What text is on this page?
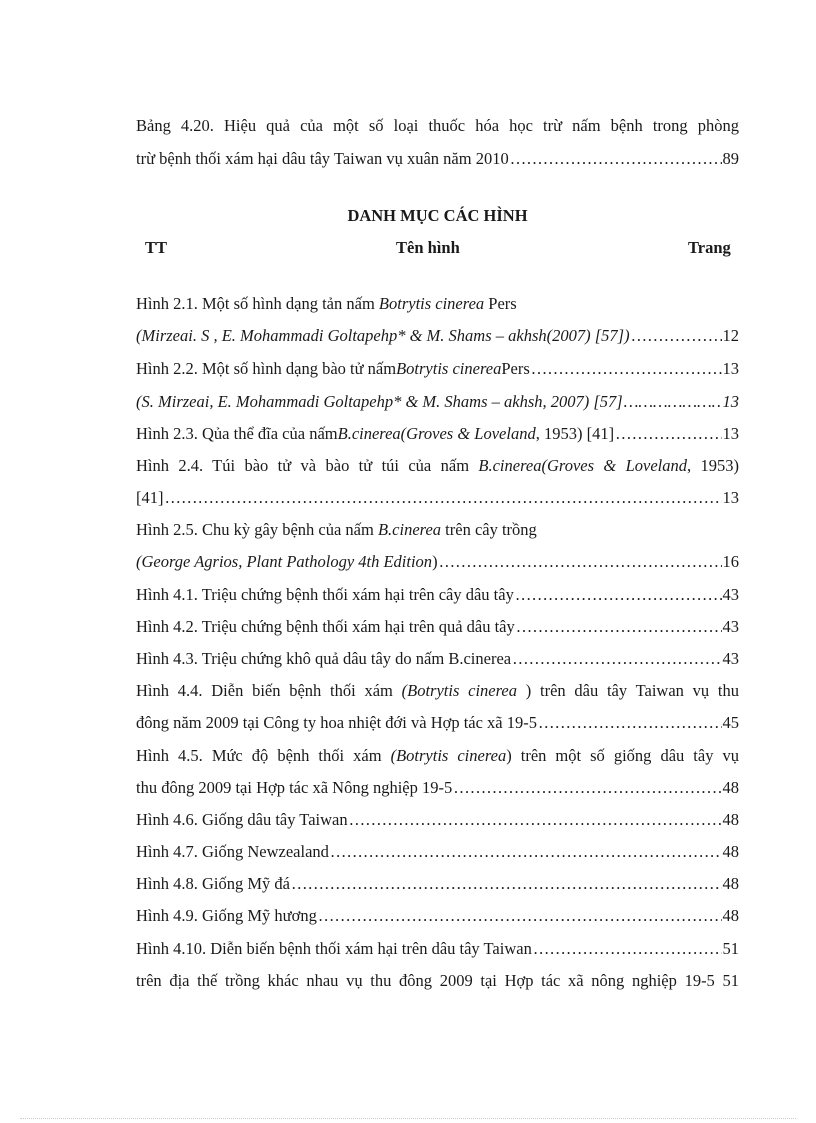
Bảng 4.20. Hiệu quả của một số loại thuốc hóa học trừ nấm bệnh trong phòng
trừ bệnh thối xám hại dâu tây Taiwan vụ xuân năm 2010 ……………………………………………………………………………………………………………………………………………………………………………………………………………………………………………………………………	89
DANH MỤC CÁC HÌNH
TT	Tên hình	Trang
Hình 2.1. Một số hình dạng tản nấm Botrytis cinerea Pers
(Mirzeai. S , E. Mohammadi Goltapehp* & M. Shams – akhsh(2007) [57]) ……………………………………………………………………………………………………………………………………………………………………………………………………………………………………………………………………	12
Hình 2.2. Một số hình dạng bào tử nấm Botrytis cinerea Pers ……………………………………………………………………………………………………………………………………………………………………………………………………………………………………………………………………	13
(S. Mirzeai, E. Mohammadi Goltapehp* & M. Shams – akhsh, 2007) [57] ……………………………………………………………………………………………………………………………………………………………………………………………………………………………………………………………………	13
Hình 2.3. Qủa thể đĩa của nấm B.cinerea(Groves & Loveland , 1953) [41] ……………………………………………………………………………………………………………………………………………………………………………………………………………………………………………………………………	13
Hình 2.4. Túi bào tử và bào tử túi của nấm B.cinerea(Groves & Loveland, 1953)
[41] ……………………………………………………………………………………………………………………………………………………………………………………………………………………………………………………………………	13
Hình 2.5. Chu kỳ gây bệnh của nấm B.cinerea trên cây trồng
(George Agrios, Plant Pathology 4th Edition ) ……………………………………………………………………………………………………………………………………………………………………………………………………………………………………………………………………	16
Hình 4.1. Triệu chứng bệnh thối xám hại trên cây dâu tây ……………………………………………………………………………………………………………………………………………………………………………………………………………………………………………………………………	43
Hình 4.2. Triệu chứng bệnh thối xám hại trên quả dâu tây ……………………………………………………………………………………………………………………………………………………………………………………………………………………………………………………………………	43
Hình 4.3. Triệu chứng khô quả dâu tây do nấm B.cinerea ……………………………………………………………………………………………………………………………………………………………………………………………………………………………………………………………………	43
Hình 4.4. Diễn biến bệnh thối xám (Botrytis cinerea ) trên dâu tây Taiwan vụ thu
đông năm 2009 tại Công ty hoa nhiệt đới và Hợp tác xã 19-5 ……………………………………………………………………………………………………………………………………………………………………………………………………………………………………………………………………	45
Hình 4.5. Mức độ bệnh thối xám (Botrytis cinerea) trên một số giống dâu tây vụ
thu đông 2009 tại Hợp tác xã Nông nghiệp 19-5 ……………………………………………………………………………………………………………………………………………………………………………………………………………………………………………………………………	48
Hình 4.6. Giống dâu tây Taiwan ……………………………………………………………………………………………………………………………………………………………………………………………………………………………………………………………………	48
Hình 4.7. Giống Newzealand ……………………………………………………………………………………………………………………………………………………………………………………………………………………………………………………………………	48
Hình 4.8. Giống Mỹ đá ……………………………………………………………………………………………………………………………………………………………………………………………………………………………………………………………………	48
Hình 4.9. Giống Mỹ hương ……………………………………………………………………………………………………………………………………………………………………………………………………………………………………………………………………	48
Hình 4.10. Diễn biến bệnh thối xám hại trên dâu tây Taiwan ……………………………………………………………………………………………………………………………………………………………………………………………………………………………………………………………………	51
trên địa thế trồng khác nhau vụ thu đông 2009 tại Hợp tác xã nông nghiệp 19-5 51
